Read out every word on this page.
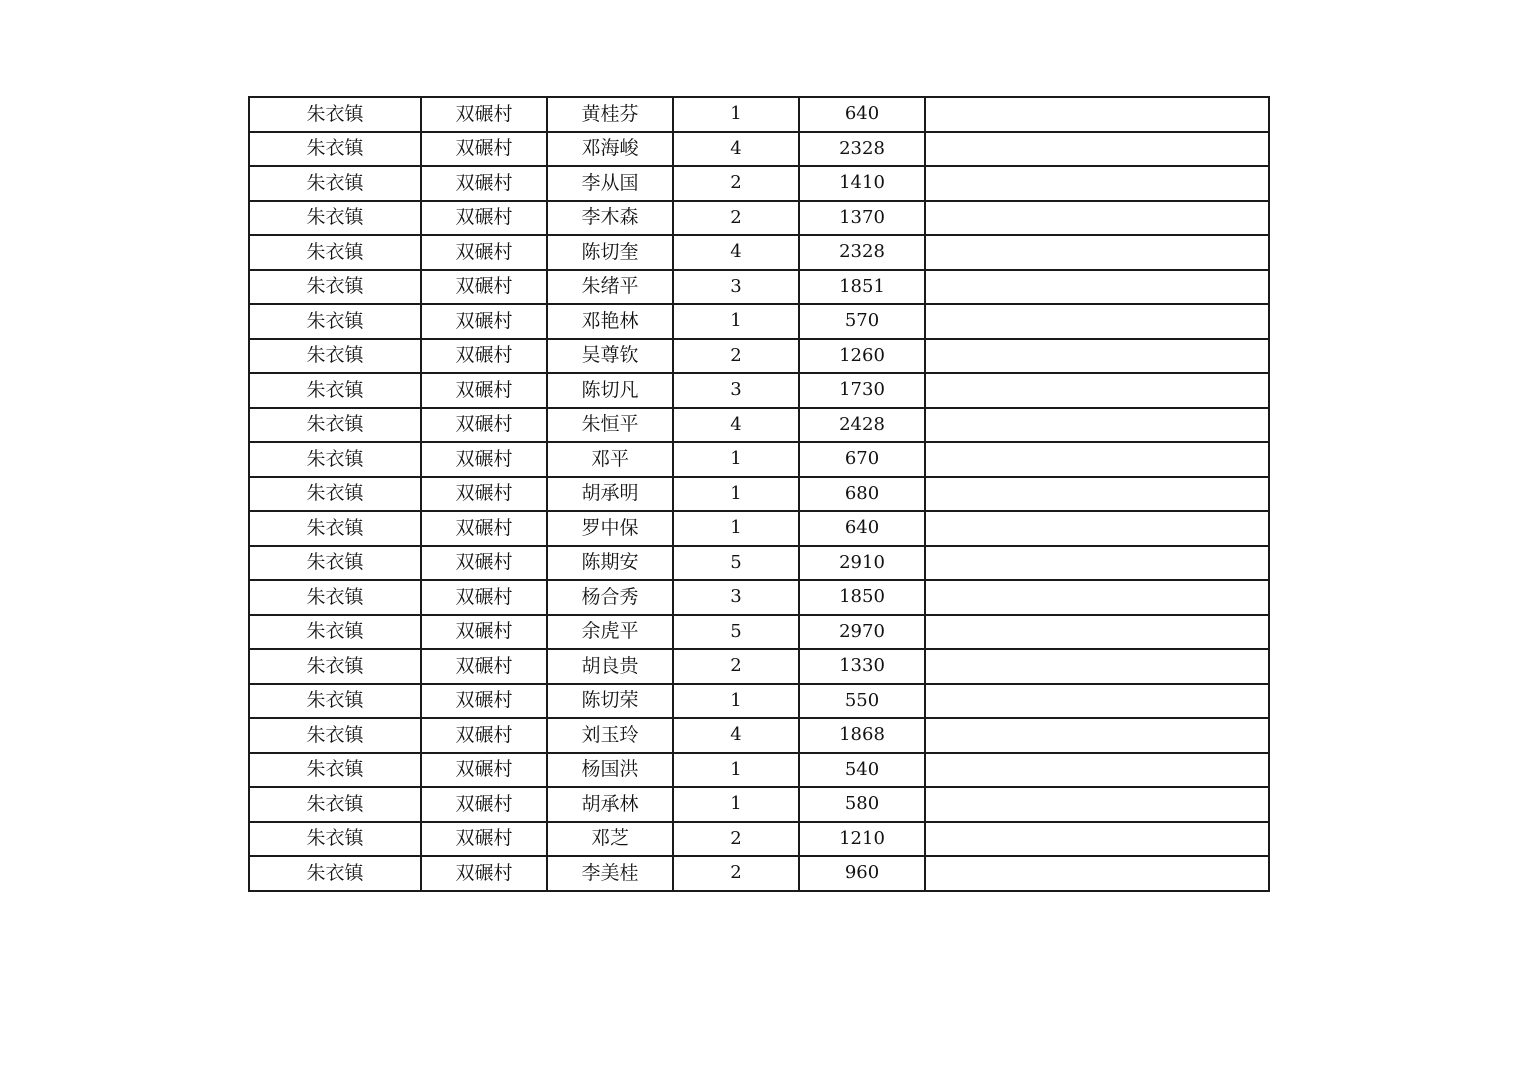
朱衣镇	双碾村	黄桂芬	1	640	
朱衣镇	双碾村	邓海峻	4	2328	
朱衣镇	双碾村	李从国	2	1410	
朱衣镇	双碾村	李木森	2	1370	
朱衣镇	双碾村	陈切奎	4	2328	
朱衣镇	双碾村	朱绪平	3	1851	
朱衣镇	双碾村	邓艳林	1	570	
朱衣镇	双碾村	吴尊钦	2	1260	
朱衣镇	双碾村	陈切凡	3	1730	
朱衣镇	双碾村	朱恒平	4	2428	
朱衣镇	双碾村	邓平	1	670	
朱衣镇	双碾村	胡承明	1	680	
朱衣镇	双碾村	罗中保	1	640	
朱衣镇	双碾村	陈期安	5	2910	
朱衣镇	双碾村	杨合秀	3	1850	
朱衣镇	双碾村	余虎平	5	2970	
朱衣镇	双碾村	胡良贵	2	1330	
朱衣镇	双碾村	陈切荣	1	550	
朱衣镇	双碾村	刘玉玲	4	1868	
朱衣镇	双碾村	杨国洪	1	540	
朱衣镇	双碾村	胡承林	1	580	
朱衣镇	双碾村	邓芝	2	1210	
朱衣镇	双碾村	李美桂	2	960	
